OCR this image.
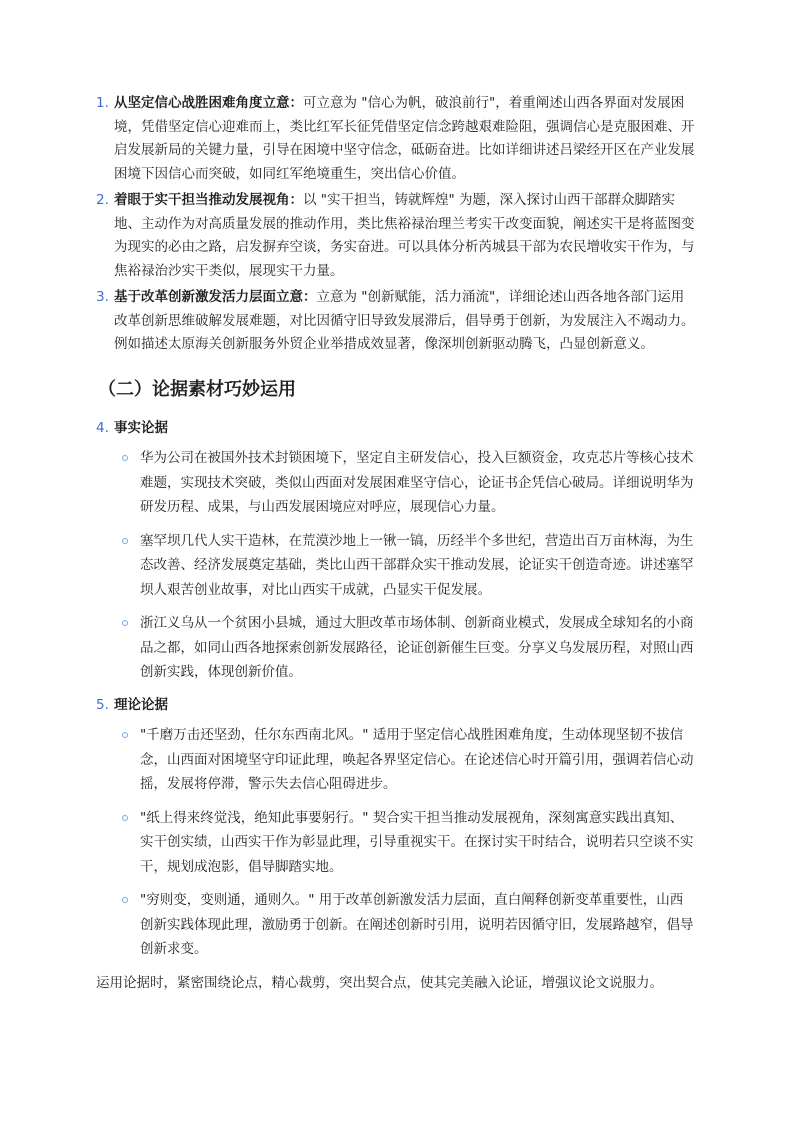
1. 从坚定信心战胜困难角度立意：可立意为 "信心为帆，破浪前行"，着重阐述山西各界面对发展困境，凭借坚定信心迎难而上，类比红军长征凭借坚定信念跨越艰难险阻，强调信心是克服困难、开启发展新局的关键力量，引导在困境中坚守信念，砥砺奋进。比如详细讲述吕梁经开区在产业发展困境下因信心而突破，如同红军绝境重生，突出信心价值。
2. 着眼于实干担当推动发展视角：以 "实干担当，铸就辉煌" 为题，深入探讨山西干部群众脚踏实地、主动作为对高质量发展的推动作用，类比焦裕禄治理兰考实干改变面貌，阐述实干是将蓝图变为现实的必由之路，启发摒弃空谈，务实奋进。可以具体分析芮城县干部为农民增收实干作为，与焦裕禄治沙实干类似，展现实干力量。
3. 基于改革创新激发活力层面立意：立意为 "创新赋能，活力涌流"，详细论述山西各地各部门运用改革创新思维破解发展难题，对比因循守旧导致发展滞后，倡导勇于创新，为发展注入不竭动力。例如描述太原海关创新服务外贸企业举措成效显著，像深圳创新驱动腾飞，凸显创新意义。
（二）论据素材巧妙运用
4. 事实论据
华为公司在被国外技术封锁困境下，坚定自主研发信心，投入巨额资金，攻克芯片等核心技术难题，实现技术突破，类似山西面对发展困难坚守信心，论证书企凭信心破局。详细说明华为研发历程、成果，与山西发展困境应对呼应，展现信心力量。
塞罕坝几代人实干造林，在荒漠沙地上一锹一镐，历经半个多世纪，营造出百万亩林海，为生态改善、经济发展奠定基础，类比山西干部群众实干推动发展，论证实干创造奇迹。讲述塞罕坝人艰苦创业故事，对比山西实干成就，凸显实干促发展。
浙江义乌从一个贫困小县城，通过大胆改革市场体制、创新商业模式，发展成全球知名的小商品之都，如同山西各地探索创新发展路径，论证创新催生巨变。分享义乌发展历程，对照山西创新实践，体现创新价值。
5. 理论论据
"千磨万击还坚劲，任尔东西南北风。" 适用于坚定信心战胜困难角度，生动体现坚韧不拔信念，山西面对困境坚守印证此理，唤起各界坚定信心。在论述信心时开篇引用，强调若信心动摇，发展将停滞，警示失去信心阻碍进步。
"纸上得来终觉浅，绝知此事要躬行。" 契合实干担当推动发展视角，深刻寓意实践出真知、实干创实绩，山西实干作为彰显此理，引导重视实干。在探讨实干时结合，说明若只空谈不实干，规划成泡影，倡导脚踏实地。
"穷则变，变则通，通则久。" 用于改革创新激发活力层面，直白阐释创新变革重要性，山西创新实践体现此理，激励勇于创新。在阐述创新时引用，说明若因循守旧，发展路越窄，倡导创新求变。
运用论据时，紧密围绕论点，精心裁剪，突出契合点，使其完美融入论证，增强议论文说服力。
